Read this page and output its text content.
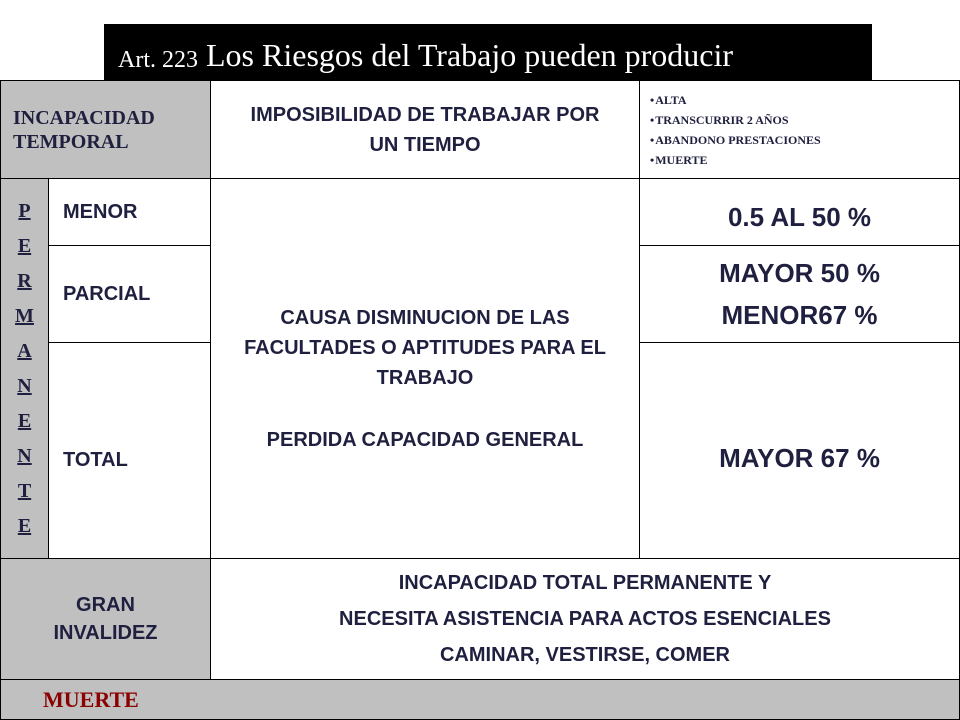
INCAPACIDAD TEMPORAL
IMPOSIBILIDAD DE TRABAJAR POR UN TIEMPO
• ALTA
• TRANSCURRIR 2 AÑOS
• ABANDONO PRESTACIONES
• MUERTE
P
E
R
M
A
N
E
N
T
E
MENOR
PARCIAL
TOTAL
CAUSA DISMINUCION DE LAS FACULTADES O APTITUDES PARA EL TRABAJO
PERDIDA CAPACIDAD GENERAL
0.5 AL 50 %
MAYOR 50 %
MENOR67 %
MAYOR 67 %
GRAN INVALIDEZ
INCAPACIDAD TOTAL PERMANENTE Y
NECESITA ASISTENCIA PARA ACTOS ESENCIALES
CAMINAR, VESTIRSE, COMER
MUERTE
Art. 223 Los Riesgos del Trabajo pueden producir
